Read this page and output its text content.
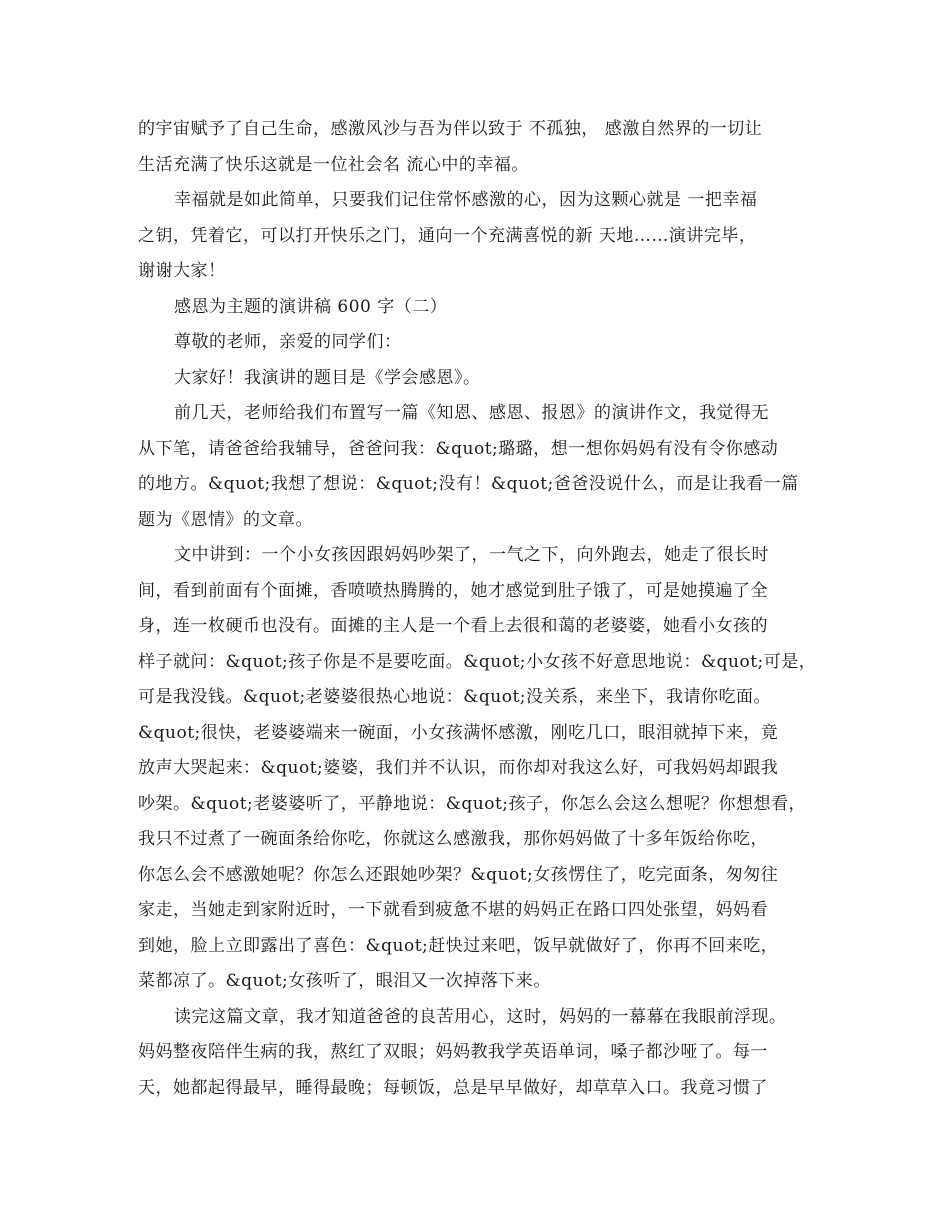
的宇宙赋予了自己生命，感激风沙与吾为伴以致于 不孤独， 感激自然界的一切让
生活充满了快乐这就是一位社会名 流心中的幸福。
幸福就是如此简单，只要我们记住常怀感激的心，因为这颗心就是 一把幸福
之钥，凭着它，可以打开快乐之门，通向一个充满喜悦的新 天地……演讲完毕，
谢谢大家！
感恩为主题的演讲稿 600 字（二）
尊敬的老师，亲爱的同学们：
大家好！我演讲的题目是《学会感恩》。
前几天，老师给我们布置写一篇《知恩、感恩、报恩》的演讲作文，我觉得无
从下笔，请爸爸给我辅导，爸爸问我：&quot;璐璐，想一想你妈妈有没有令你感动
的地方。&quot;我想了想说：&quot;没有！&quot;爸爸没说什么，而是让我看一篇
题为《恩情》的文章。
文中讲到：一个小女孩因跟妈妈吵架了，一气之下，向外跑去，她走了很长时
间，看到前面有个面摊，香喷喷热腾腾的，她才感觉到肚子饿了，可是她摸遍了全
身，连一枚硬币也没有。面摊的主人是一个看上去很和蔼的老婆婆，她看小女孩的
样子就问：&quot;孩子你是不是要吃面。&quot;小女孩不好意思地说：&quot;可是，
可是我没钱。&quot;老婆婆很热心地说：&quot;没关系，来坐下，我请你吃面。
&quot;很快，老婆婆端来一碗面，小女孩满怀感激，刚吃几口，眼泪就掉下来，竟
放声大哭起来：&quot;婆婆，我们并不认识，而你却对我这么好，可我妈妈却跟我
吵架。&quot;老婆婆听了，平静地说：&quot;孩子，你怎么会这么想呢？你想想看，
我只不过煮了一碗面条给你吃，你就这么感激我，那你妈妈做了十多年饭给你吃，
你怎么会不感激她呢？你怎么还跟她吵架？&quot;女孩愣住了，吃完面条，匆匆往
家走，当她走到家附近时，一下就看到疲惫不堪的妈妈正在路口四处张望，妈妈看
到她，脸上立即露出了喜色：&quot;赶快过来吧，饭早就做好了，你再不回来吃，
菜都凉了。&quot;女孩听了，眼泪又一次掉落下来。
读完这篇文章，我才知道爸爸的良苦用心，这时，妈妈的一幕幕在我眼前浮现。
妈妈整夜陪伴生病的我，熬红了双眼；妈妈教我学英语单词，嗓子都沙哑了。每一
天，她都起得最早，睡得最晚；每顿饭，总是早早做好，却草草入口。我竟习惯了
